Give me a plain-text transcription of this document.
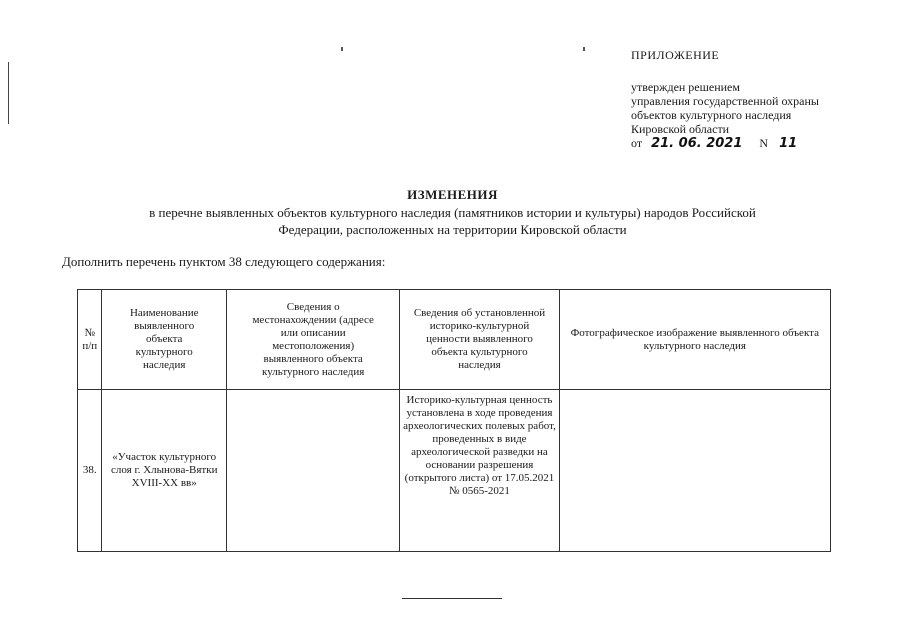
ПРИЛОЖЕНИЕ
утвержден решением
управления государственной охраны
объектов культурного наследия
Кировской области
от 21. 06. 2021 N 11
ИЗМЕНЕНИЯ
в перечне выявленных объектов культурного наследия (памятников истории и культуры) народов Российской
Федерации, расположенных на территории Кировской области
Дополнить перечень пунктом 38 следующего содержания:
№ п/п	Наименование выявленного объекта культурного наследия	Сведения о местонахождении (адресе или описании местоположения) выявленного объекта культурного наследия	Сведения об установленной историко-культурной ценности выявленного объекта культурного наследия	Фотографическое изображение выявленного объекта культурного наследия
38.	«Участок культурного слоя г. Хлынова-Вятки XVIII-XX вв»		Историко-культурная ценность установлена в ходе проведения археологических полевых работ, проведенных в виде археологической разведки на основании разрешения (открытого листа) от 17.05.2021 № 0565-2021	
